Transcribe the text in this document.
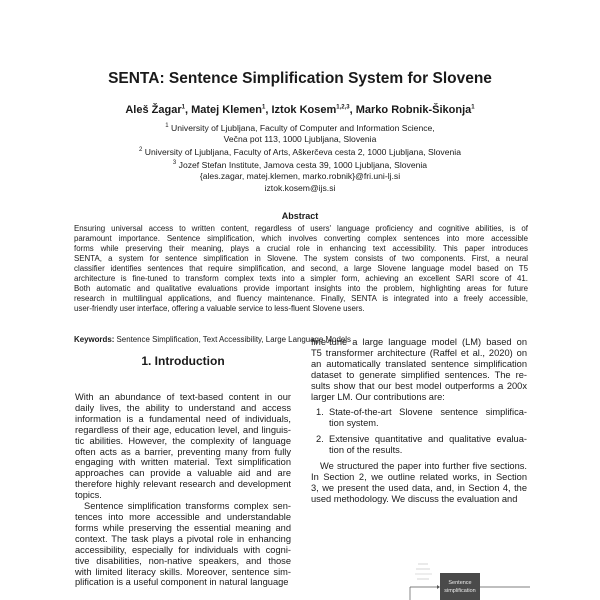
SENTA: Sentence Simplification System for Slovene
Aleš Žagar$^1$, Matej Klemen$^1$, Iztok Kosem$^{1,2,3}$, Marko Robnik-Šikonja$^1$
$^1$ University of Ljubljana, Faculty of Computer and Information Science,
Večna pot 113, 1000 Ljubljana, Slovenia
$^2$ University of Ljubljana, Faculty of Arts, Aškerčeva cesta 2, 1000 Ljubljana, Slovenia
$^3$ Jozef Stefan Institute, Jamova cesta 39, 1000 Ljubljana, Slovenia
{ales.zagar, matej.klemen, marko.robnik}@fri.uni-lj.si
iztok.kosem@ijs.si
Abstract
Ensuring universal access to written content, regardless of users' language proficiency and cognitive abilities, is of
paramount importance. Sentence simplification, which involves converting complex sentences into more accessible
forms while preserving their meaning, plays a crucial role in enhancing text accessibility. This paper introduces
SENTA, a system for sentence simplification in Slovene. The system consists of two components. First, a neural
classifier identifies sentences that require simplification, and second, a large Slovene language model based on T5
architecture is fine-tuned to transform complex texts into a simpler form, achieving an excellent SARI score of 41.
Both automatic and qualitative evaluations provide important insights into the problem, highlighting areas for future
research in multilingual applications, and fluency maintenance. Finally, SENTA is integrated into a freely accessible,
user-friendly user interface, offering a valuable service to less-fluent Slovene users.
Keywords: Sentence Simplification, Text Accessibility, Large Language Models
1. Introduction
With an abundance of text-based content in our
daily lives, the ability to understand and access
information is a fundamental need of individuals,
regardless of their age, education level, and linguis-
tic abilities. However, the complexity of language
often acts as a barrier, preventing many from fully
engaging with written material. Text simplification
approaches can provide a valuable aid and are
therefore highly relevant research and development
topics.
Sentence simplification transforms complex sen-
tences into more accessible and understandable
forms while preserving the essential meaning and
context. The task plays a pivotal role in enhancing
accessibility, especially for individuals with cogni-
tive disabilities, non-native speakers, and those
with limited literacy skills. Moreover, sentence sim-
plification is a useful component in natural language
fine-tune a large language model (LM) based on
T5 transformer architecture (Raffel et al., 2020) on
an automatically translated sentence simplification
dataset to generate simplified sentences. The re-
sults show that our best model outperforms a 200x
larger LM. Our contributions are:
1. State-of-the-art Slovene sentence simplifica-
tion system.
2. Extensive quantitative and qualitative evalua-
tion of the results.
We structured the paper into further five sections.
In Section 2, we outline related works, in Section
3, we present the used data, and, in Section 4, the
used methodology. We discuss the evaluation and
Sentence
simplification
